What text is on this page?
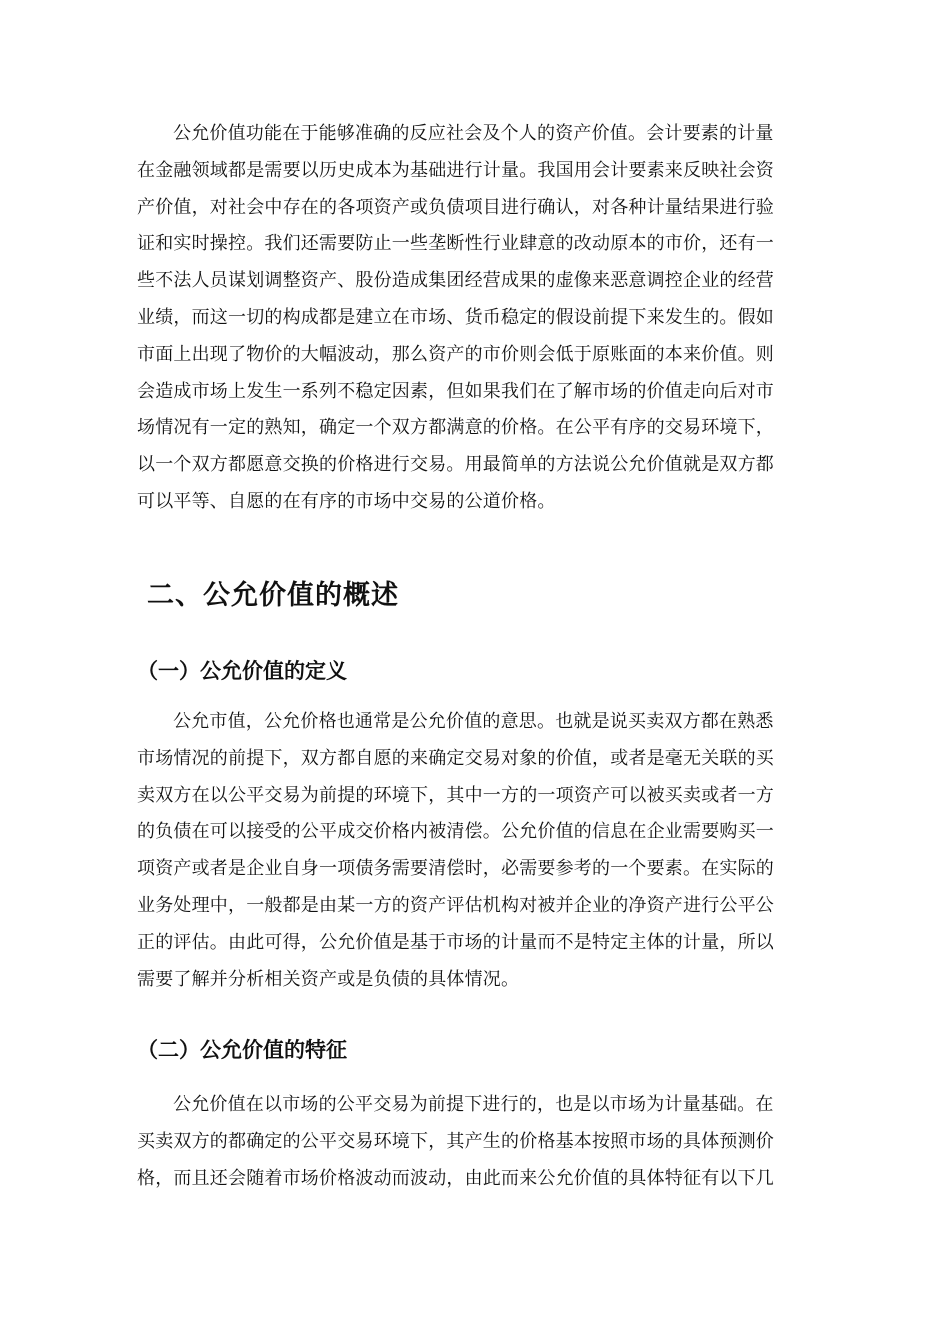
公允价值功能在于能够准确的反应社会及个人的资产价值。会计要素的计量
在金融领域都是需要以历史成本为基础进行计量。我国用会计要素来反映社会资
产价值，对社会中存在的各项资产或负债项目进行确认，对各种计量结果进行验
证和实时操控。我们还需要防止一些垄断性行业肆意的改动原本的市价，还有一
些不法人员谋划调整资产、股份造成集团经营成果的虚像来恶意调控企业的经营
业绩，而这一切的构成都是建立在市场、货币稳定的假设前提下来发生的。假如
市面上出现了物价的大幅波动，那么资产的市价则会低于原账面的本来价值。则
会造成市场上发生一系列不稳定因素，但如果我们在了解市场的价值走向后对市
场情况有一定的熟知，确定一个双方都满意的价格。在公平有序的交易环境下，
以一个双方都愿意交换的价格进行交易。用最简单的方法说公允价值就是双方都
可以平等、自愿的在有序的市场中交易的公道价格。
二、公允价值的概述
（一）公允价值的定义
公允市值，公允价格也通常是公允价值的意思。也就是说买卖双方都在熟悉
市场情况的前提下，双方都自愿的来确定交易对象的价值，或者是毫无关联的买
卖双方在以公平交易为前提的环境下，其中一方的一项资产可以被买卖或者一方
的负债在可以接受的公平成交价格内被清偿。公允价值的信息在企业需要购买一
项资产或者是企业自身一项债务需要清偿时，必需要参考的一个要素。在实际的
业务处理中，一般都是由某一方的资产评估机构对被并企业的净资产进行公平公
正的评估。由此可得，公允价值是基于市场的计量而不是特定主体的计量，所以
需要了解并分析相关资产或是负债的具体情况。
（二）公允价值的特征
公允价值在以市场的公平交易为前提下进行的，也是以市场为计量基础。在
买卖双方的都确定的公平交易环境下，其产生的价格基本按照市场的具体预测价
格，而且还会随着市场价格波动而波动，由此而来公允价值的具体特征有以下几
